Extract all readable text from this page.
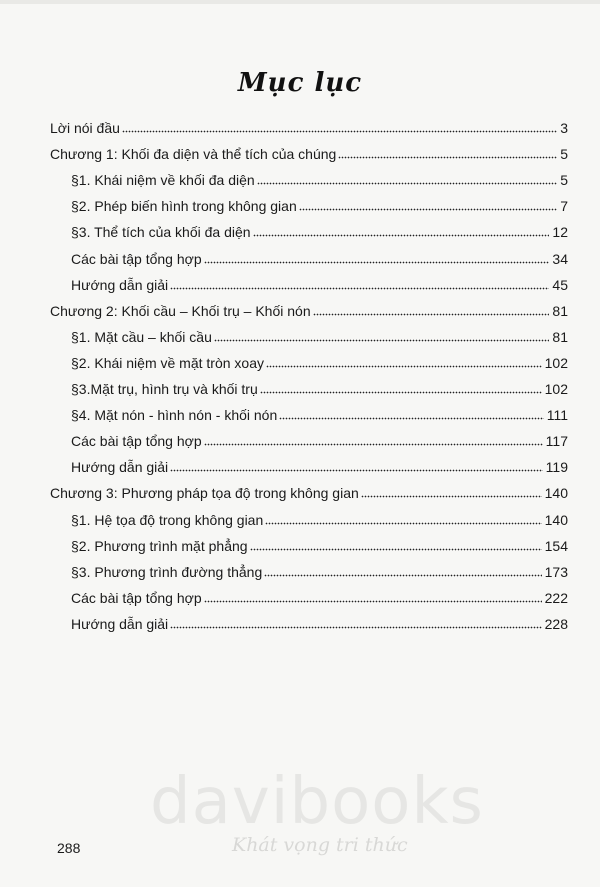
Mục lục
Lời nói đầu	3
Chương 1: Khối đa diện và thể tích của chúng	5
§1. Khái niệm về khối đa diện	5
§2. Phép biến hình trong không gian	7
§3. Thể tích của khối đa diện	12
Các bài tập tổng hợp	34
Hướng dẫn giải	45
Chương 2: Khối cầu – Khối trụ – Khối nón	81
§1. Mặt cầu – khối cầu	81
§2. Khái niệm về mặt tròn xoay	102
§3.Mặt trụ, hình trụ và khối trụ	102
§4. Mặt nón - hình nón - khối nón	111
Các bài tập tổng hợp	117
Hướng dẫn giải	119
Chương 3: Phương pháp tọa độ trong không gian	140
§1. Hệ tọa độ trong không gian	140
§2. Phương trình mặt phẳng	154
§3. Phương trình đường thẳng	173
Các bài tập tổng hợp	222
Hướng dẫn giải	228
davibooks
Khát vọng tri thức
288
